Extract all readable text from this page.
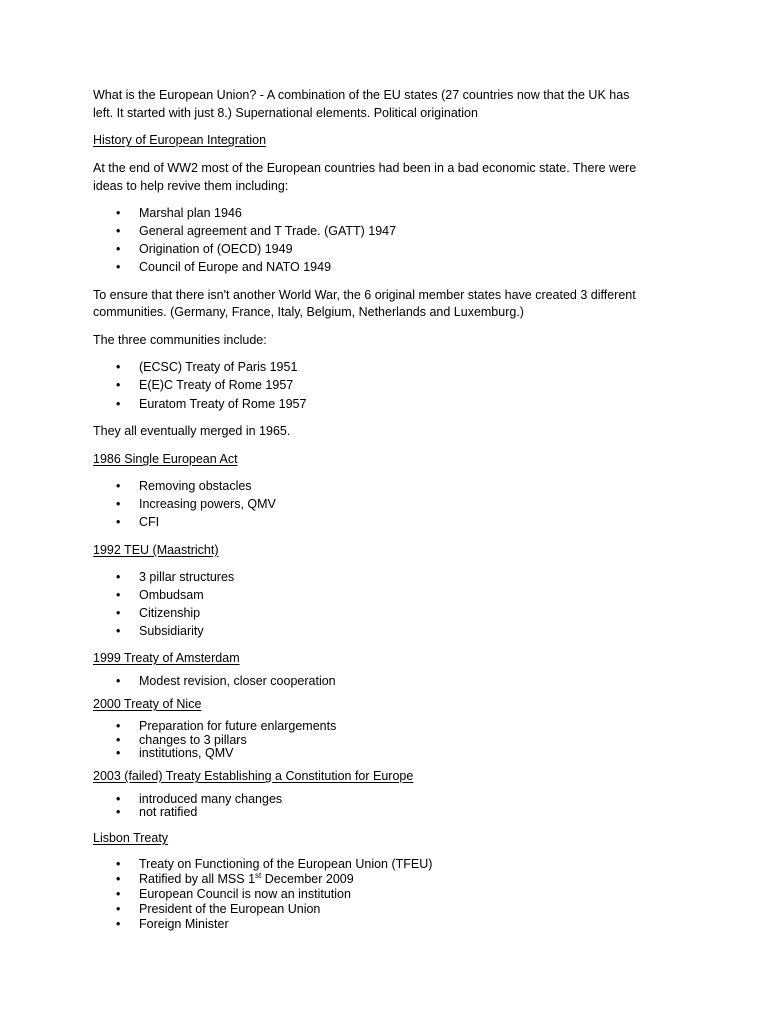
What is the European Union? - A combination of the EU states (27 countries now that the UK has
left. It started with just 8.) Supernational elements. Political origination
History of European Integration
At the end of WW2 most of the European countries had been in a bad economic state. There were
ideas to help revive them including:
• Marshal plan 1946
• General agreement and T Trade. (GATT) 1947
• Origination of (OECD) 1949
• Council of Europe and NATO 1949
To ensure that there isn't another World War, the 6 original member states have created 3 different
communities. (Germany, France, Italy, Belgium, Netherlands and Luxemburg.)
The three communities include:
• (ECSC) Treaty of Paris 1951
• E(E)C Treaty of Rome 1957
• Euratom Treaty of Rome 1957
They all eventually merged in 1965.
1986 Single European Act
• Removing obstacles
• Increasing powers, QMV
• CFI
1992 TEU (Maastricht)
• 3 pillar structures
• Ombudsam
• Citizenship
• Subsidiarity
1999 Treaty of Amsterdam
• Modest revision, closer cooperation
2000 Treaty of Nice
• Preparation for future enlargements
• changes to 3 pillars
• institutions, QMV
2003 (failed) Treaty Establishing a Constitution for Europe
• introduced many changes
• not ratified
Lisbon Treaty
• Treaty on Functioning of the European Union (TFEU)
• Ratified by all MSS 1st December 2009
• European Council is now an institution
• President of the European Union
• Foreign Minister
